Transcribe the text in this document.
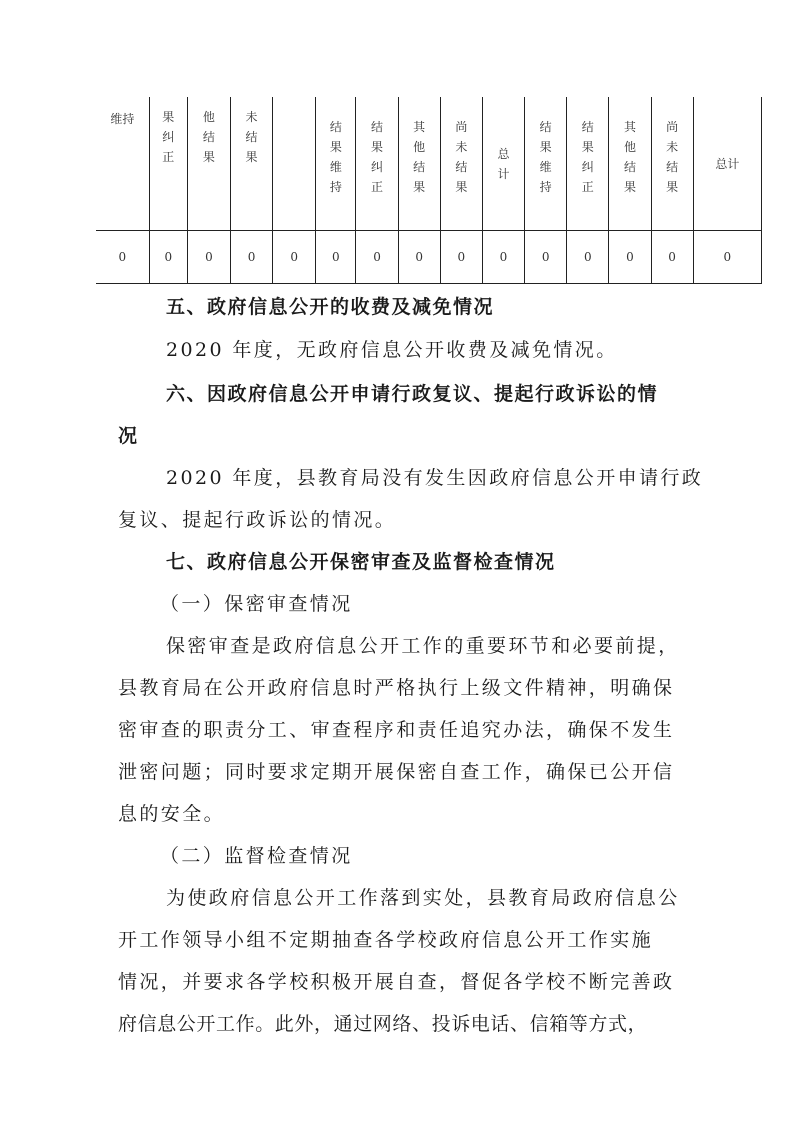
维持	果纠正	他结果	未结果		结果维持	结果纠正	其他结果	尚未结果	总计	结果维持	结果纠正	其他结果	尚未结果	总计
0	0	0	0	0	0	0	0	0	0	0	0	0	0	0

五、政府信息公开的收费及减免情况

2020 年度，无政府信息公开收费及减免情况。

六、因政府信息公开申请行政复议、提起行政诉讼的情

况

2020 年度，县教育局没有发生因政府信息公开申请行政

复议、提起行政诉讼的情况。

七、政府信息公开保密审查及监督检查情况

（一）保密审查情况

保密审查是政府信息公开工作的重要环节和必要前提，

县教育局在公开政府信息时严格执行上级文件精神，明确保

密审查的职责分工、审查程序和责任追究办法，确保不发生

泄密问题；同时要求定期开展保密自查工作，确保已公开信

息的安全。

（二）监督检查情况

为使政府信息公开工作落到实处，县教育局政府信息公

开工作领导小组不定期抽查各学校政府信息公开工作实施

情况，并要求各学校积极开展自查，督促各学校不断完善政

府信息公开工作。此外，通过网络、投诉电话、信箱等方式，
